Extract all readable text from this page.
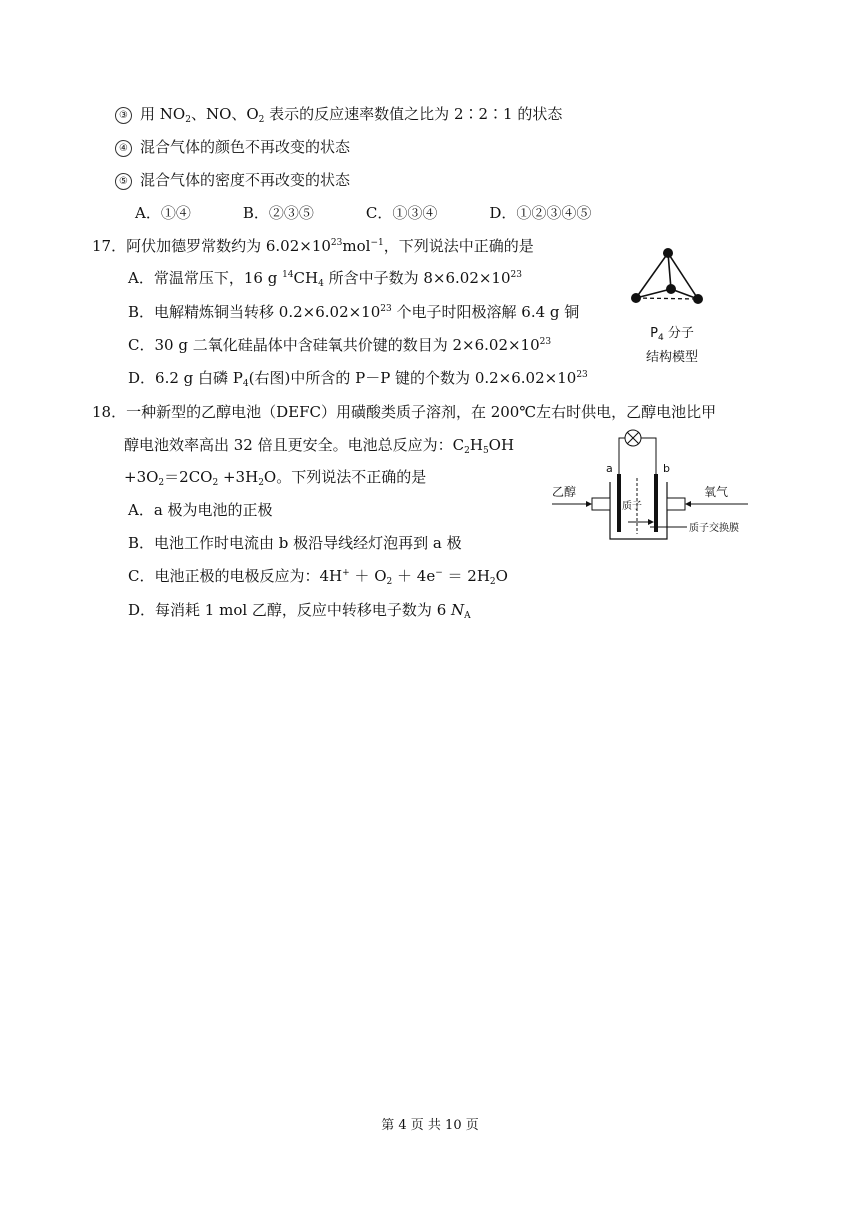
③ 用 $NO_2$、NO、$O_2$ 表示的反应速率数值之比为 2∶2∶1 的状态
④ 混合气体的颜色不再改变的状态
⑤ 混合气体的密度不再改变的状态
A．①④	B．②③⑤	C．①③④	D．①②③④⑤
17．阿伏加德罗常数约为 $6.02\times 10^{23}mol^{-1}$，下列说法中正确的是
A．常温常压下，16 g $^{14}CH_4$ 所含中子数为 $8\times 6.02\times 10^{23}$
B．电解精炼铜当转移 $0.2\times 6.02\times 10^{23}$ 个电子时阳极溶解 6.4 g 铜
C．30 g 二氧化硅晶体中含硅氧共价键的数目为 $2\times 6.02\times 10^{23}$
D．6.2 g 白磷 $P_4$(右图)中所含的 P－P 键的个数为 $0.2\times 6.02\times 10^{23}$
$P_4$ 分子
结构模型
18．一种新型的乙醇电池（DEFC）用磺酸类质子溶剂，在 200℃左右时供电，乙醇电池比甲
醇电池效率高出 32 倍且更安全。电池总反应为：$C_2H_5OH$
$+3O_2=2CO_2 +3H_2O$。下列说法不正确的是
A．a 极为电池的正极
B．电池工作时电流由 b 极沿导线经灯泡再到 a 极
C．电池正极的电极反应为：$4H^+ + O_2 + 4e^- = 2H_2O$
D．每消耗 1 mol 乙醇，反应中转移电子数为 6 $N_A$
a	b
乙醇	氧气
质子
质子交换膜
第 4 页 共 10 页
